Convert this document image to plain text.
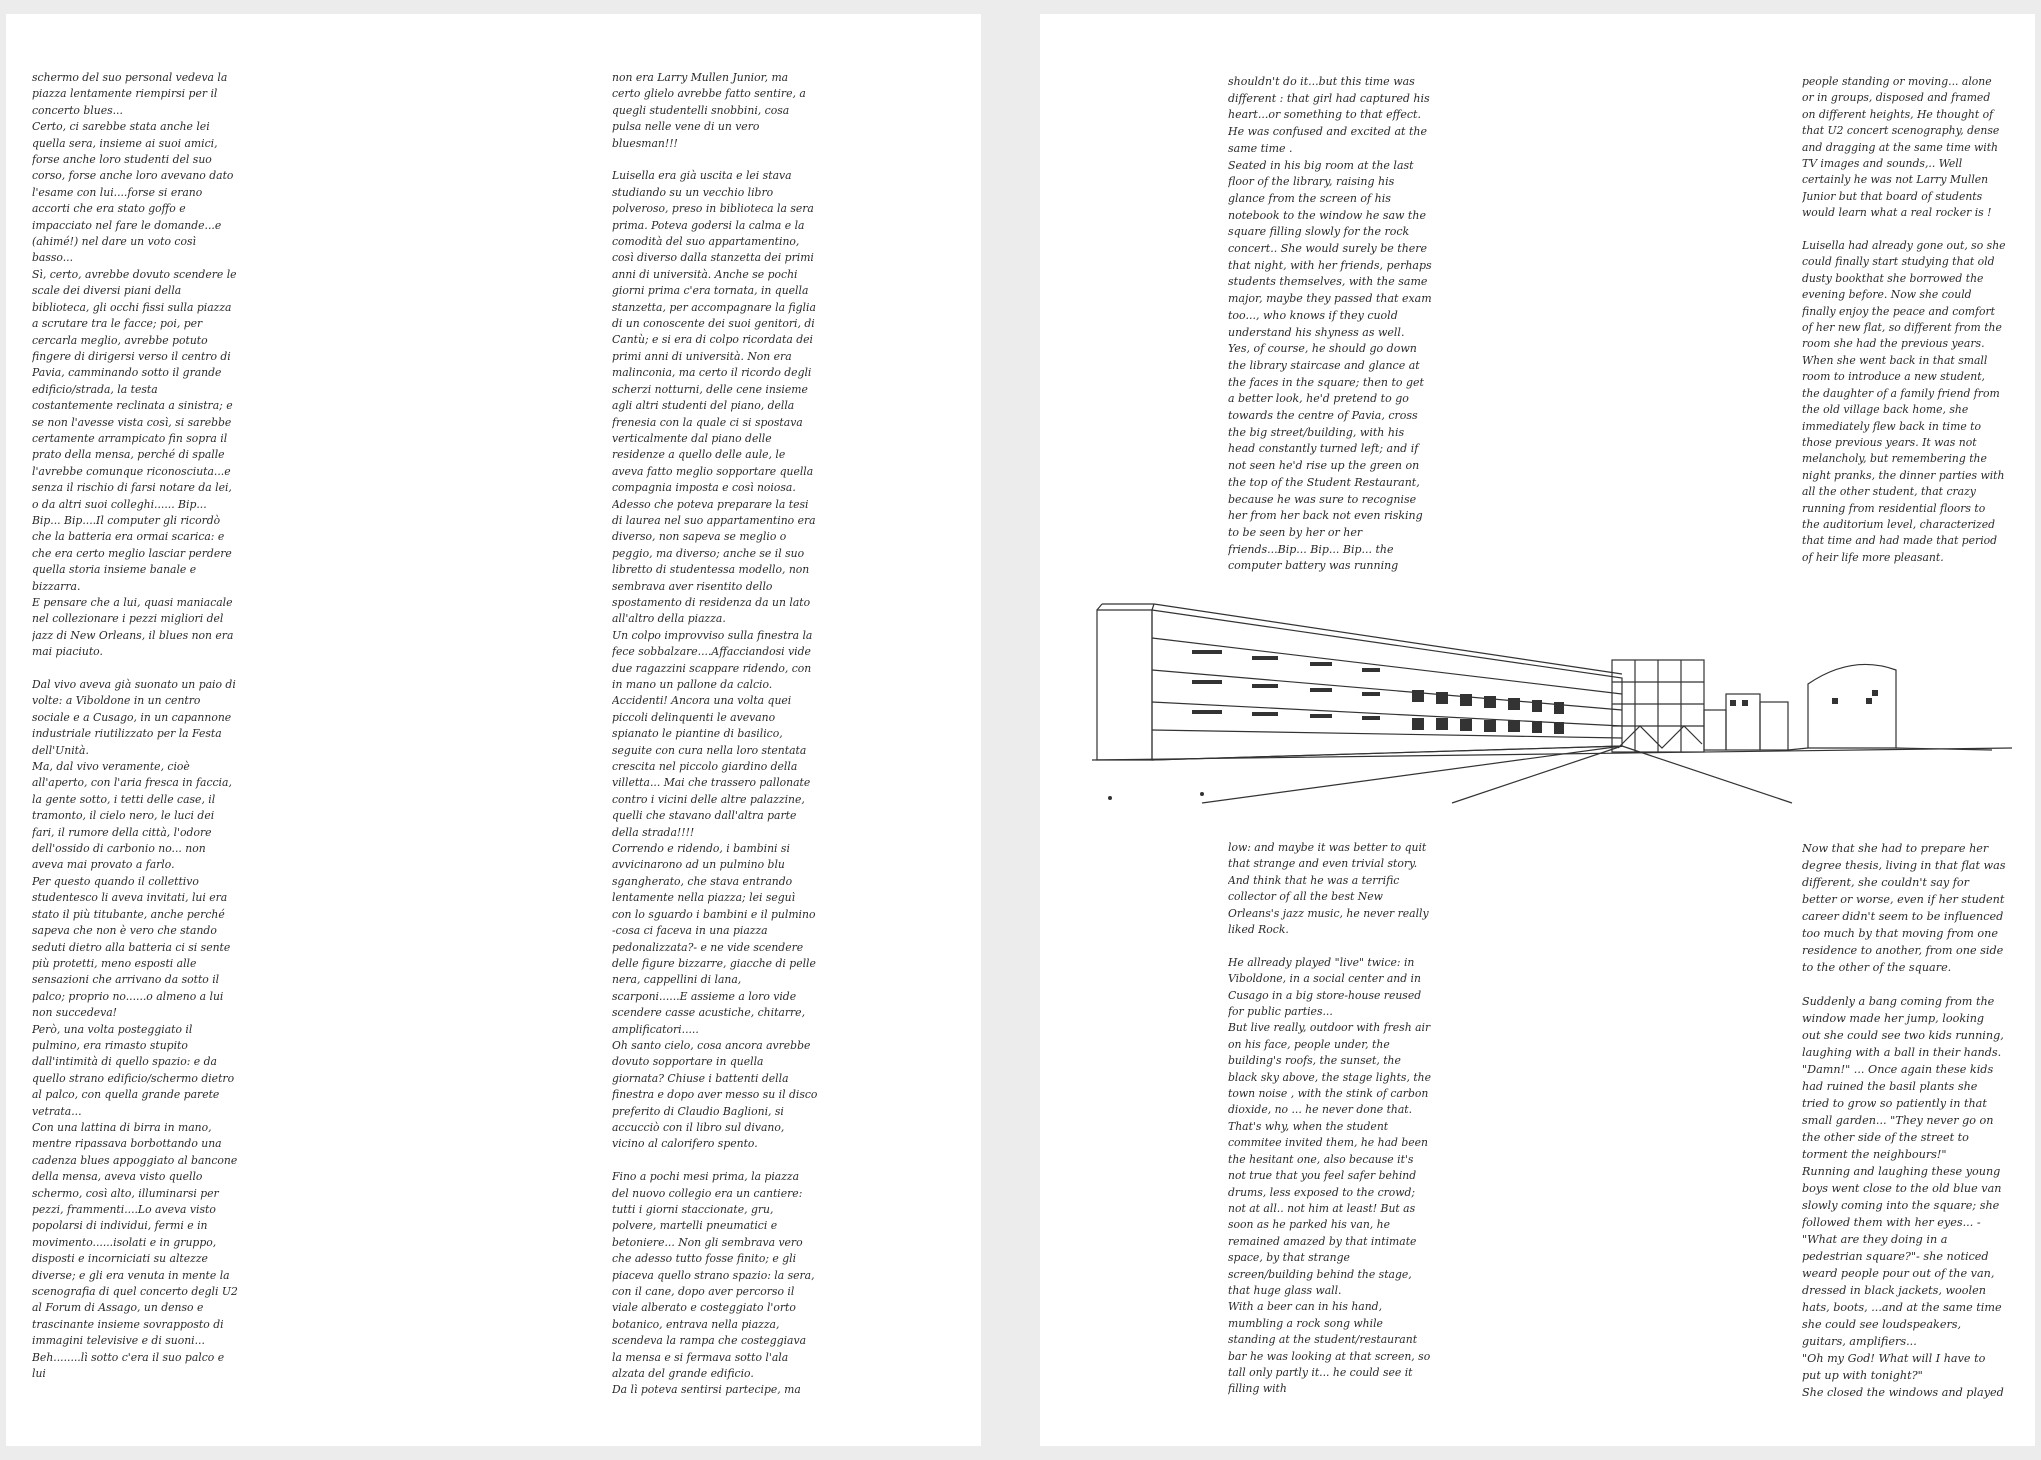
schermo del suo personal vedeva la piazza lentamente riempirsi per il concerto blues...

Certo, ci sarebbe stata anche lei quella sera, insieme ai suoi amici, forse anche loro studenti del suo corso, forse anche loro avevano dato l'esame con lui....forse si erano accorti che era stato goffo e impacciato nel fare le domande...e (ahimé!) nel dare un voto così basso...

Sì, certo, avrebbe dovuto scendere le scale dei diversi piani della biblioteca, gli occhi fissi sulla piazza a scrutare tra le facce; poi, per cercarla meglio, avrebbe potuto fingere di dirigersi verso il centro di Pavia, camminando sotto il grande edificio/strada, la testa costantemente reclinata a sinistra; e se non l'avesse vista così, si sarebbe certamente arrampicato fin sopra il prato della mensa, perché di spalle l'avrebbe comunque riconosciuta...e senza il rischio di farsi notare da lei, o da altri suoi colleghi...... Bip... Bip... Bip....Il computer gli ricordò che la batteria era ormai scarica: e che era certo meglio lasciar perdere quella storia insieme banale e bizzarra.

E pensare che a lui, quasi maniacale nel collezionare i pezzi migliori del jazz di New Orleans, il blues non era mai piaciuto.

Dal vivo aveva già suonato un paio di volte: a Viboldone in un centro sociale e a Cusago, in un capannone industriale riutilizzato per la Festa dell'Unità.

Ma, dal vivo veramente, cioè all'aperto, con l'aria fresca in faccia, la gente sotto, i tetti delle case, il tramonto, il cielo nero, le luci dei fari, il rumore della città, l'odore dell'ossido di carbonio no... non aveva mai provato a farlo.

Per questo quando il collettivo studentesco li aveva invitati, lui era stato il più titubante, anche perché sapeva che non è vero che stando seduti dietro alla batteria ci si sente più protetti, meno esposti alle sensazioni che arrivano da sotto il palco; proprio no......o almeno a lui non succedeva!

Però, una volta posteggiato il pulmino, era rimasto stupito dall'intimità di quello spazio: e da quello strano edificio/schermo dietro al palco, con quella grande parete vetrata...

Con una lattina di birra in mano, mentre ripassava borbottando una cadenza blues appoggiato al bancone della mensa, aveva visto quello schermo, così alto, illuminarsi per pezzi, frammenti....Lo aveva visto popolarsi di individui, fermi e in movimento......isolati e in gruppo, disposti e incorniciati su altezze diverse; e gli era venuta in mente la scenografia di quel concerto degli U2 al Forum di Assago, un denso e trascinante insieme sovrapposto di immagini televisive e di suoni...

Beh........lì sotto c'era il suo palco e lui

non era Larry Mullen Junior, ma certo glielo avrebbe fatto sentire, a quegli studentelli snobbini, cosa pulsa nelle vene di un vero bluesman!!!

Luisella era già uscita e lei stava studiando su un vecchio libro polveroso, preso in biblioteca la sera prima. Poteva godersi la calma e la comodità del suo appartamentino, così diverso dalla stanzetta dei primi anni di università. Anche se pochi giorni prima c'era tornata, in quella stanzetta, per accompagnare la figlia di un conoscente dei suoi genitori, di Cantù; e si era di colpo ricordata dei primi anni di università. Non era malinconia, ma certo il ricordo degli scherzi notturni, delle cene insieme agli altri studenti del piano, della frenesia con la quale ci si spostava verticalmente dal piano delle residenze a quello delle aule, le aveva fatto meglio sopportare quella compagnia imposta e così noiosa.

Adesso che poteva preparare la tesi di laurea nel suo appartamentino era diverso, non sapeva se meglio o peggio, ma diverso; anche se il suo libretto di studentessa modello, non sembrava aver risentito dello spostamento di residenza da un lato all'altro della piazza.

Un colpo improvviso sulla finestra la fece sobbalzare....Affacciandosi vide due ragazzini scappare ridendo, con in mano un pallone da calcio.

Accidenti! Ancora una volta quei piccoli delinquenti le avevano spianato le piantine di basilico, seguite con cura nella loro stentata crescita nel piccolo giardino della villetta... Mai che trassero pallonate contro i vicini delle altre palazzine, quelli che stavano dall'altra parte della strada!!!!

Correndo e ridendo, i bambini si avvicinarono ad un pulmino blu sgangherato, che stava entrando lentamente nella piazza; lei seguì con lo sguardo i bambini e il pulmino -cosa ci faceva in una piazza pedonalizzata?- e ne vide scendere delle figure bizzarre, giacche di pelle nera, cappellini di lana, scarponi......E assieme a loro vide scendere casse acustiche, chitarre, amplificatori.....

Oh santo cielo, cosa ancora avrebbe dovuto sopportare in quella giornata? Chiuse i battenti della finestra e dopo aver messo su il disco preferito di Claudio Baglioni, si accucciò con il libro sul divano, vicino al calorifero spento.

Fino a pochi mesi prima, la piazza del nuovo collegio era un cantiere: tutti i giorni staccionate, gru, polvere, martelli pneumatici e betoniere... Non gli sembrava vero che adesso tutto fosse finito; e gli piaceva quello strano spazio: la sera, con il cane, dopo aver percorso il viale alberato e costeggiato l'orto botanico, entrava nella piazza, scendeva la rampa che costeggiava la mensa e si fermava sotto l'ala alzata del grande edificio.

Da lì poteva sentirsi partecipe, ma

shouldn't do it...but this time was different : that girl had captured his heart...or something to that effect. He was confused and excited at the same time .

Seated in his big room at the last floor of the library, raising his glance from the screen of his notebook to the window he saw the square filling slowly for the rock concert.. She would surely be there that night, with her friends, perhaps students themselves, with the same major, maybe they passed that exam too..., who knows if they cuold understand his shyness as well.

Yes, of course, he should go down the library staircase and glance at the faces in the square; then to get a better look, he'd pretend to go towards the centre of Pavia, cross the big street/building, with his head constantly turned left; and if not seen he'd rise up the green on the top of the Student Restaurant, because he was sure to recognise her from her back not even risking to be seen by her or her friends...Bip... Bip... Bip... the computer battery was running

people standing or moving... alone or in groups, disposed and framed on different heights, He thought of that U2 concert scenography, dense and dragging at the same time with TV images and sounds,.. Well certainly he was not Larry Mullen Junior but that board of students would learn what a real rocker is !

Luisella had already gone out, so she could finally start studying that old dusty bookthat she borrowed the evening before. Now she could finally enjoy the peace and comfort of her new flat, so different from the room she had the previous years. When she went back in that small room to introduce a new student, the daughter of a family friend from the old village back home, she immediately flew back in time to those previous years. It was not melancholy, but remembering the night pranks, the dinner parties with all the other student, that crazy running from residential floors to the auditorium level, characterized that time and had made that period of heir life more pleasant.

low: and maybe it was better to quit that strange and even trivial story.

And think that he was a terrific collector of all the best New Orleans's jazz music, he never really liked Rock.

He allready played "live" twice: in Viboldone, in a social center and in Cusago in a big store-house reused for public parties...

But live really, outdoor with fresh air on his face, people under, the building's roofs, the sunset, the black sky above, the stage lights, the town noise , with the stink of carbon dioxide, no ... he never done that.

That's why, when the student commitee invited them, he had been the hesitant one, also because it's not true that you feel safer behind drums, less exposed to the crowd; not at all.. not him at least! But as soon as he parked his van, he remained amazed by that intimate space, by that strange screen/building behind the stage, that huge glass wall.

With a beer can in his hand, mumbling a rock song while standing at the student/restaurant bar he was looking at that screen, so tall only partly it... he could see it filling with

Now that she had to prepare her degree thesis, living in that flat was different, she couldn't say for better or worse, even if her student career didn't seem to be influenced too much by that moving from one residence to another, from one side to the other of the square.

Suddenly a bang coming from the window made her jump, looking out she could see two kids running, laughing with a ball in their hands.

"Damn!" ... Once again these kids had ruined the basil plants she tried to grow so patiently in that small garden... "They never go on the other side of the street to torment the neighbours!"

Running and laughing these young boys went close to the old blue van slowly coming into the square; she followed them with her eyes... - "What are they doing in a pedestrian square?"- she noticed weard people pour out of the van, dressed in black jackets, woolen hats, boots, ...and at the same time she could see loudspeakers, guitars, amplifiers...

"Oh my God! What will I have to put up with tonight?"

She closed the windows and played
